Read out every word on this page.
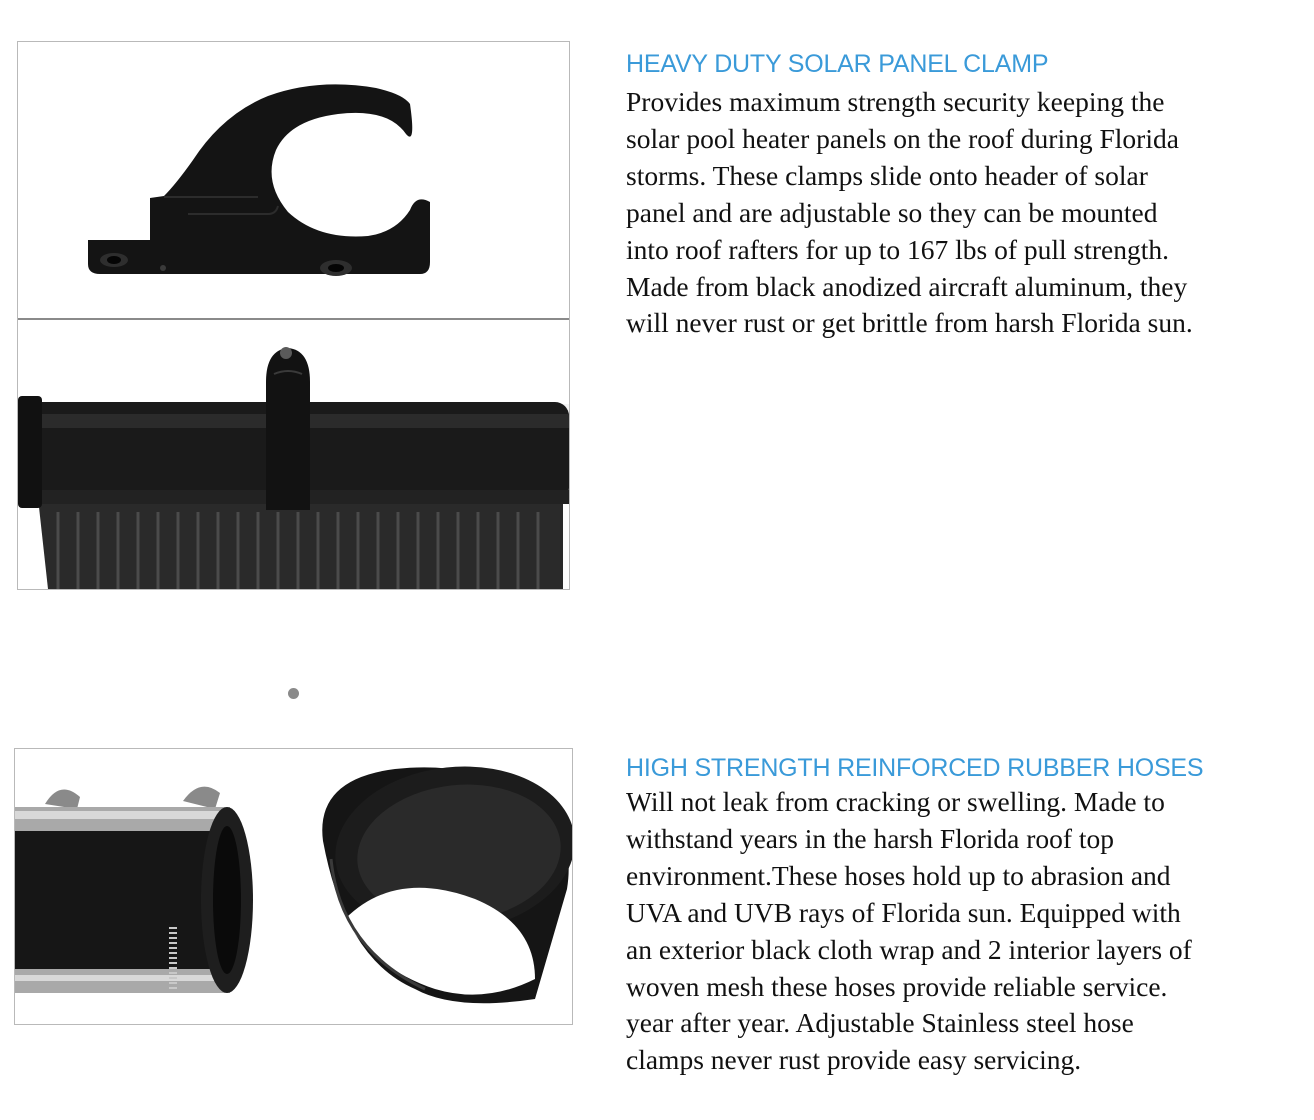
HEAVY DUTY SOLAR PANEL CLAMP
Provides maximum strength security keeping the
solar pool heater panels on the roof during Florida
storms. These clamps slide onto header of solar
panel and are adjustable so they can be mounted
into roof rafters for up to 167 lbs of pull strength.
Made from black anodized aircraft aluminum, they
will never rust or get brittle from harsh Florida sun.
HIGH STRENGTH REINFORCED RUBBER HOSES
Will not leak from cracking or swelling. Made to
withstand years in the harsh Florida roof top
environment.These hoses hold up to abrasion and
UVA and UVB rays of Florida sun. Equipped with
an exterior black cloth wrap and 2 interior layers of
woven mesh these hoses provide reliable service.
year after year. Adjustable Stainless steel hose
clamps never rust provide easy servicing.
